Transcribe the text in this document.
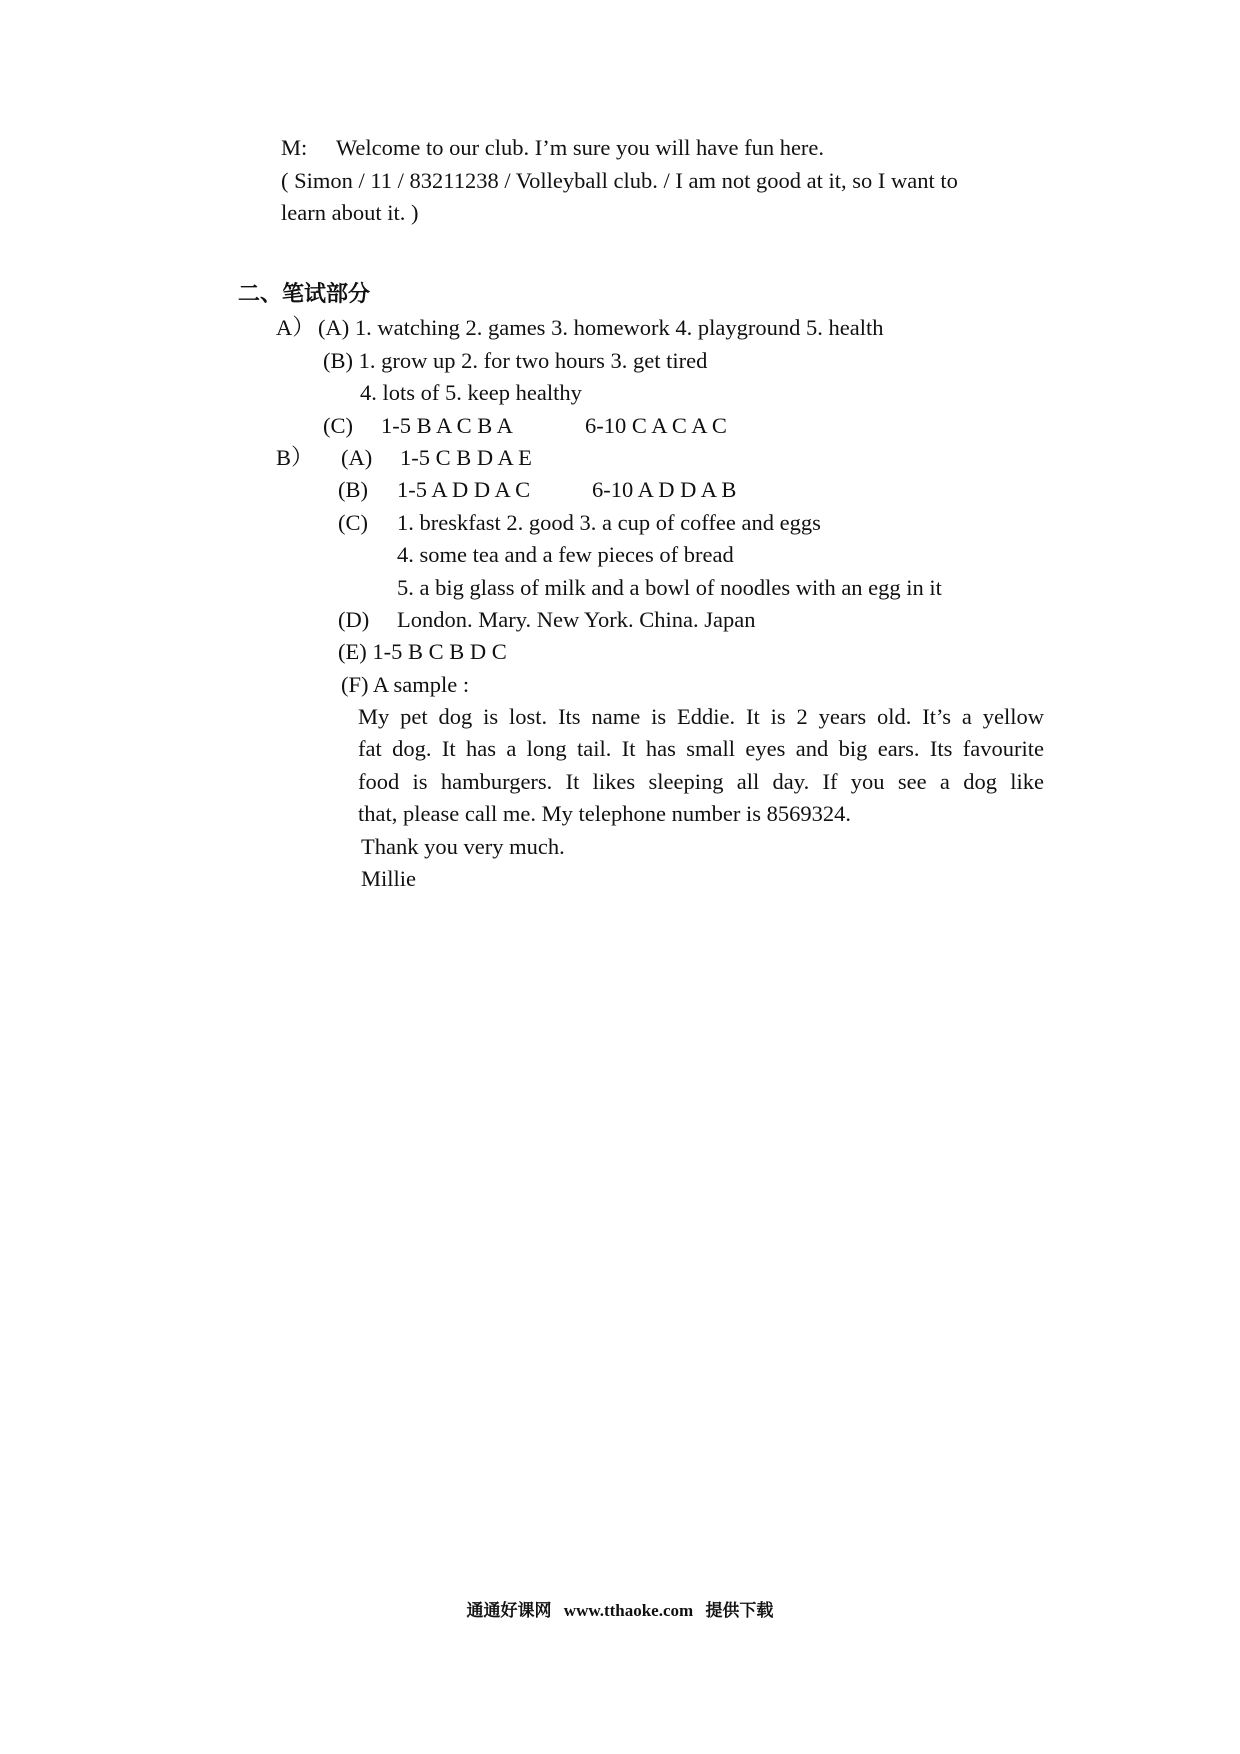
M: Welcome to our club. I’m sure you will have fun here.
( Simon / 11 / 83211238 / Volleyball club. / I am not good at it, so I want to
learn about it. )
二、笔试部分
A） (A) 1. watching 2. games 3. homework 4. playground 5. health
(B) 1. grow up 2. for two hours 3. get tired
4. lots of 5. keep healthy
(C) 1-5 B A C B A	6-10 C A C A C
B） (A) 1-5 C B D A E
(B) 1-5 A D D A C	6-10 A D D A B
(C) 1. breskfast 2. good 3. a cup of coffee and eggs
4. some tea and a few pieces of bread
5. a big glass of milk and a bowl of noodles with an egg in it
(D) London. Mary. New York. China. Japan
(E) 1-5 B C B D C
(F) A sample :
My pet dog is lost. Its name is Eddie. It is 2 years old. It’s a yellow
fat dog. It has a long tail. It has small eyes and big ears. Its favourite
food is hamburgers. It likes sleeping all day. If you see a dog like
that, please call me. My telephone number is 8569324.
Thank you very much.
Millie
通通好课网 www.tthaoke.com 提供下载
